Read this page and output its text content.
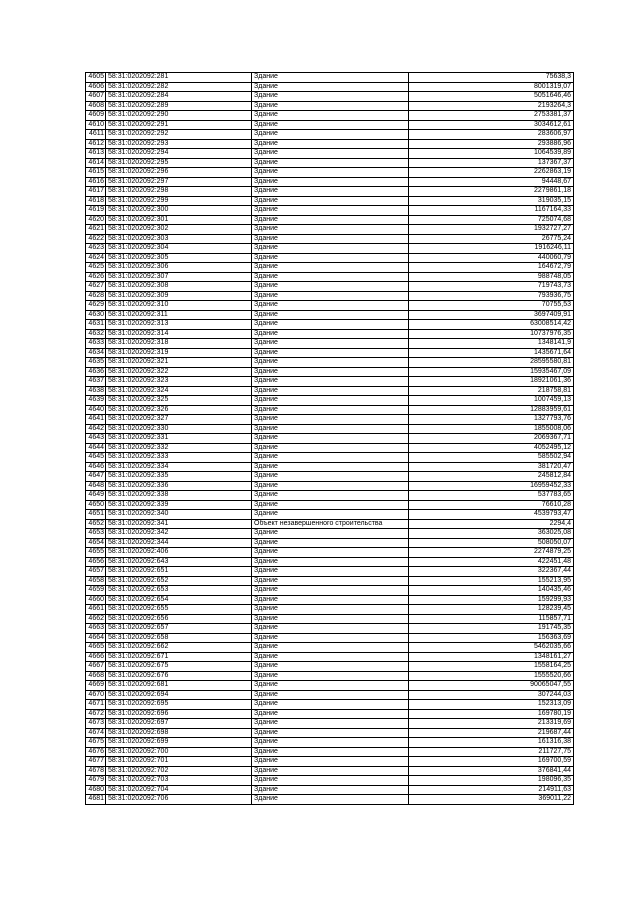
4605	58:31:0202092:281	Здание	75638,3
4606	58:31:0202092:282	Здание	8001319,07
4607	58:31:0202092:284	Здание	5051646,46
4608	58:31:0202092:289	Здание	2193264,3
4609	58:31:0202092:290	Здание	2753381,37
4610	58:31:0202092:291	Здание	3034612,61
4611	58:31:0202092:292	Здание	283606,97
4612	58:31:0202092:293	Здание	293886,96
4613	58:31:0202092:294	Здание	1064539,89
4614	58:31:0202092:295	Здание	137367,37
4615	58:31:0202092:296	Здание	2262863,19
4616	58:31:0202092:297	Здание	94448,67
4617	58:31:0202092:298	Здание	2279861,18
4618	58:31:0202092:299	Здание	319035,15
4619	58:31:0202092:300	Здание	1167164,33
4620	58:31:0202092:301	Здание	725074,68
4621	58:31:0202092:302	Здание	1932727,27
4622	58:31:0202092:303	Здание	26775,24
4623	58:31:0202092:304	Здание	1916246,11
4624	58:31:0202092:305	Здание	440060,79
4625	58:31:0202092:306	Здание	164672,79
4626	58:31:0202092:307	Здание	988748,05
4627	58:31:0202092:308	Здание	719743,73
4628	58:31:0202092:309	Здание	793936,75
4629	58:31:0202092:310	Здание	70755,53
4630	58:31:0202092:311	Здание	3697409,91
4631	58:31:0202092:313	Здание	63008514,42
4632	58:31:0202092:314	Здание	10737976,35
4633	58:31:0202092:318	Здание	1348141,9
4634	58:31:0202092:319	Здание	1435671,64
4635	58:31:0202092:321	Здание	28595580,81
4636	58:31:0202092:322	Здание	15935467,09
4637	58:31:0202092:323	Здание	18921061,36
4638	58:31:0202092:324	Здание	218758,81
4639	58:31:0202092:325	Здание	1007459,13
4640	58:31:0202092:326	Здание	12883959,61
4641	58:31:0202092:327	Здание	1327793,76
4642	58:31:0202092:330	Здание	1855008,06
4643	58:31:0202092:331	Здание	2069367,71
4644	58:31:0202092:332	Здание	4052495,12
4645	58:31:0202092:333	Здание	585502,94
4646	58:31:0202092:334	Здание	381720,47
4647	58:31:0202092:335	Здание	245812,84
4648	58:31:0202092:336	Здание	16959452,33
4649	58:31:0202092:338	Здание	537783,65
4650	58:31:0202092:339	Здание	76610,28
4651	58:31:0202092:340	Здание	4539793,47
4652	58:31:0202092:341	Объект незавершенного строительства	2294,4
4653	58:31:0202092:342	Здание	363025,08
4654	58:31:0202092:344	Здание	508050,07
4655	58:31:0202092:406	Здание	2274879,25
4656	58:31:0202092:643	Здание	422451,48
4657	58:31:0202092:651	Здание	322367,44
4658	58:31:0202092:652	Здание	155213,95
4659	58:31:0202092:653	Здание	140435,46
4660	58:31:0202092:654	Здание	159299,93
4661	58:31:0202092:655	Здание	128239,45
4662	58:31:0202092:656	Здание	115857,71
4663	58:31:0202092:657	Здание	191745,35
4664	58:31:0202092:658	Здание	156363,69
4665	58:31:0202092:662	Здание	5462035,66
4666	58:31:0202092:671	Здание	1348161,27
4667	58:31:0202092:675	Здание	1558164,25
4668	58:31:0202092:676	Здание	1555520,66
4669	58:31:0202092:681	Здание	90065047,55
4670	58:31:0202092:694	Здание	307244,03
4671	58:31:0202092:695	Здание	152313,09
4672	58:31:0202092:696	Здание	169780,19
4673	58:31:0202092:697	Здание	213319,69
4674	58:31:0202092:698	Здание	219687,44
4675	58:31:0202092:699	Здание	161316,38
4676	58:31:0202092:700	Здание	211727,75
4677	58:31:0202092:701	Здание	169700,59
4678	58:31:0202092:702	Здание	376841,44
4679	58:31:0202092:703	Здание	198096,35
4680	58:31:0202092:704	Здание	214911,63
4681	58:31:0202092:706	Здание	369011,22
